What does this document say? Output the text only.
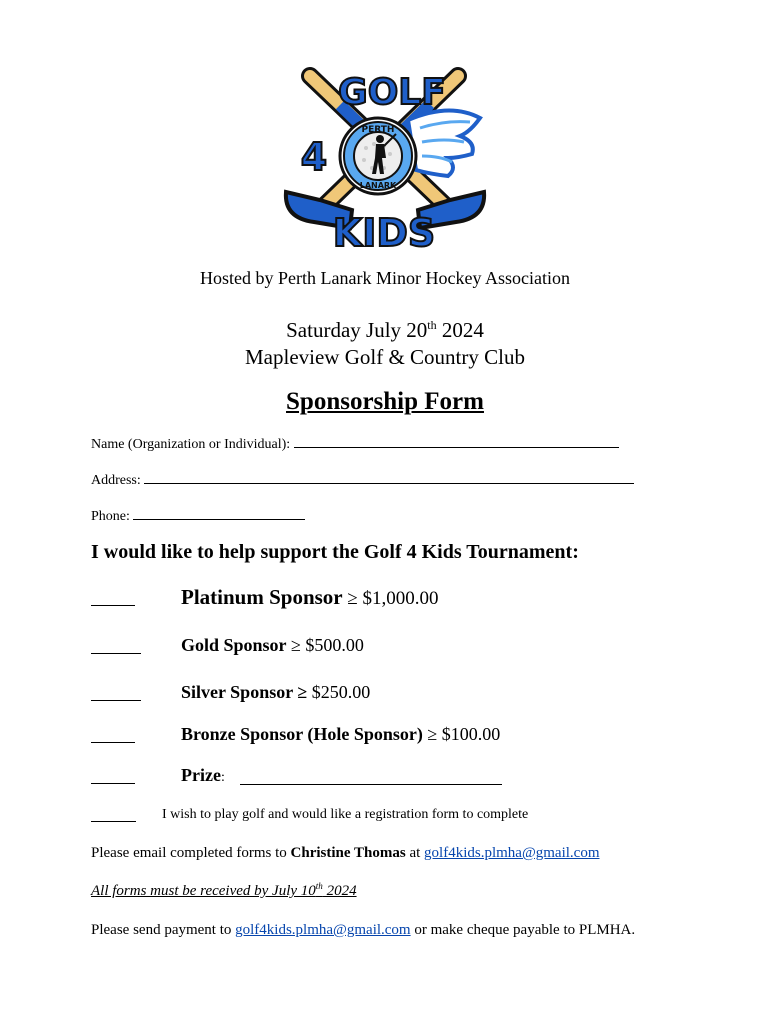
PERTH
LANARK
GOLF
4
KIDS
Hosted by Perth Lanark Minor Hockey Association
Saturday July 20th 2024
Mapleview Golf & Country Club
Sponsorship Form
Name (Organization or Individual):
Address:
Phone:
I would like to help support the Golf 4 Kids Tournament:
Platinum Sponsor ≥ $1,000.00
Gold Sponsor ≥ $500.00
Silver Sponsor ≥ $250.00
Bronze Sponsor (Hole Sponsor) ≥ $100.00
Prize:
I wish to play golf and would like a registration form to complete
Please email completed forms to Christine Thomas at golf4kids.plmha@gmail.com
All forms must be received by July 10th 2024
Please send payment to golf4kids.plmha@gmail.com or make cheque payable to PLMHA.
